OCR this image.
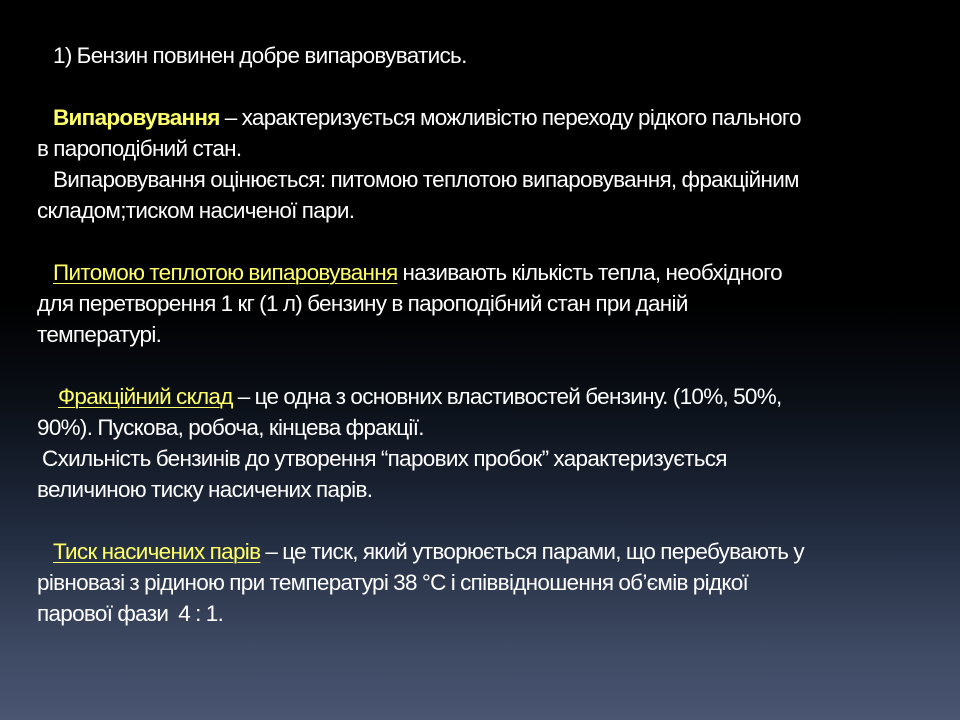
1) Бензин повинен добре випаровуватись.
Випаровування – характеризується можливістю переходу рідкого пального
в пароподібний стан.
Випаровування оцінюється: питомою теплотою випаровування, фракційним
складом;тиском насиченої пари.
Питомою теплотою випаровування називають кількість тепла, необхідного
для перетворення 1 кг (1 л) бензину в пароподібний стан при даній
температурі.
Фракційний склад – це одна з основних властивостей бензину. (10%, 50%,
90%). Пускова, робоча, кінцева фракції.
Схильність бензинів до утворення “парових пробок” характеризується
величиною тиску насичених парів.
Тиск насичених парів – це тиск, який утворюється парами, що перебувають у
рівновазі з рідиною при температурі 38 °С і співвідношення об’ємів рідкої
парової фази  4 : 1.
